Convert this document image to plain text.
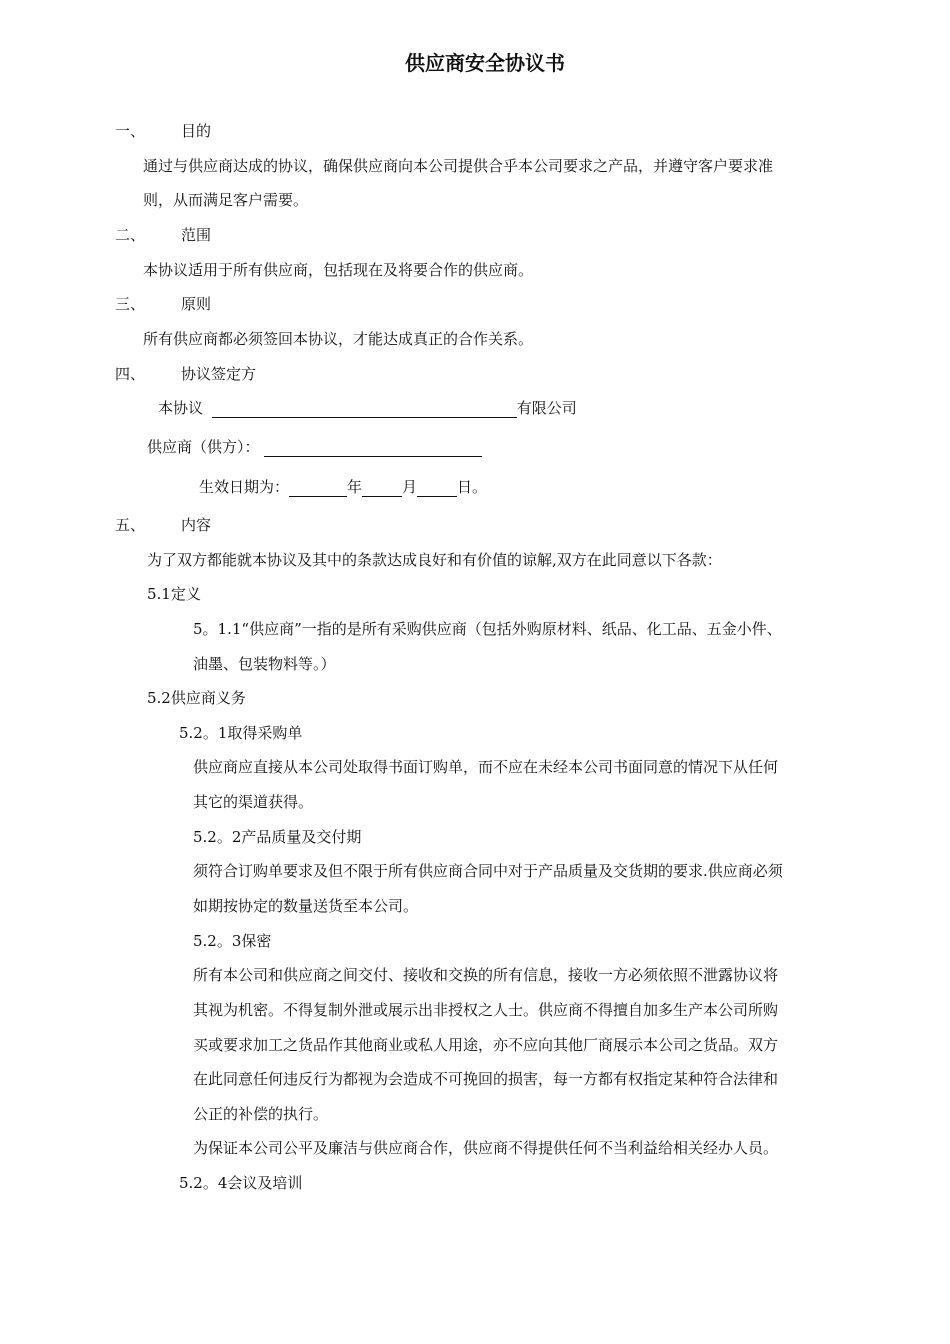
供应商安全协议书
一、 目的
通过与供应商达成的协议，确保供应商向本公司提供合乎本公司要求之产品，并遵守客户要求准
则，从而满足客户需要。
二、 范围
本协议适用于所有供应商，包括现在及将要合作的供应商。
三、 原则
所有供应商都必须签回本协议，才能达成真正的合作关系。
四、 协议签定方
本协议	有限公司
供应商（供方）：
生效日期为：	年	月	日。
五、 内容
为了双方都能就本协议及其中的条款达成良好和有价值的谅解,双方在此同意以下各款：
5.1定义
5。1.1“供应商”一指的是所有采购供应商（包括外购原材料、纸品、化工品、五金小件、
油墨、包装物料等。）
5.2供应商义务
5.2。1取得采购单
供应商应直接从本公司处取得书面订购单，而不应在未经本公司书面同意的情况下从任何
其它的渠道获得。
5.2。2产品质量及交付期
须符合订购单要求及但不限于所有供应商合同中对于产品质量及交货期的要求.供应商必须
如期按协定的数量送货至本公司。
5.2。3保密
所有本公司和供应商之间交付、接收和交换的所有信息，接收一方必须依照不泄露协议将
其视为机密。不得复制外泄或展示出非授权之人士。供应商不得擅自加多生产本公司所购
买或要求加工之货品作其他商业或私人用途，亦不应向其他厂商展示本公司之货品。双方
在此同意任何违反行为都视为会造成不可挽回的损害，每一方都有权指定某种符合法律和
公正的补偿的执行。
为保证本公司公平及廉洁与供应商合作，供应商不得提供任何不当利益给相关经办人员。
5.2。4会议及培训
